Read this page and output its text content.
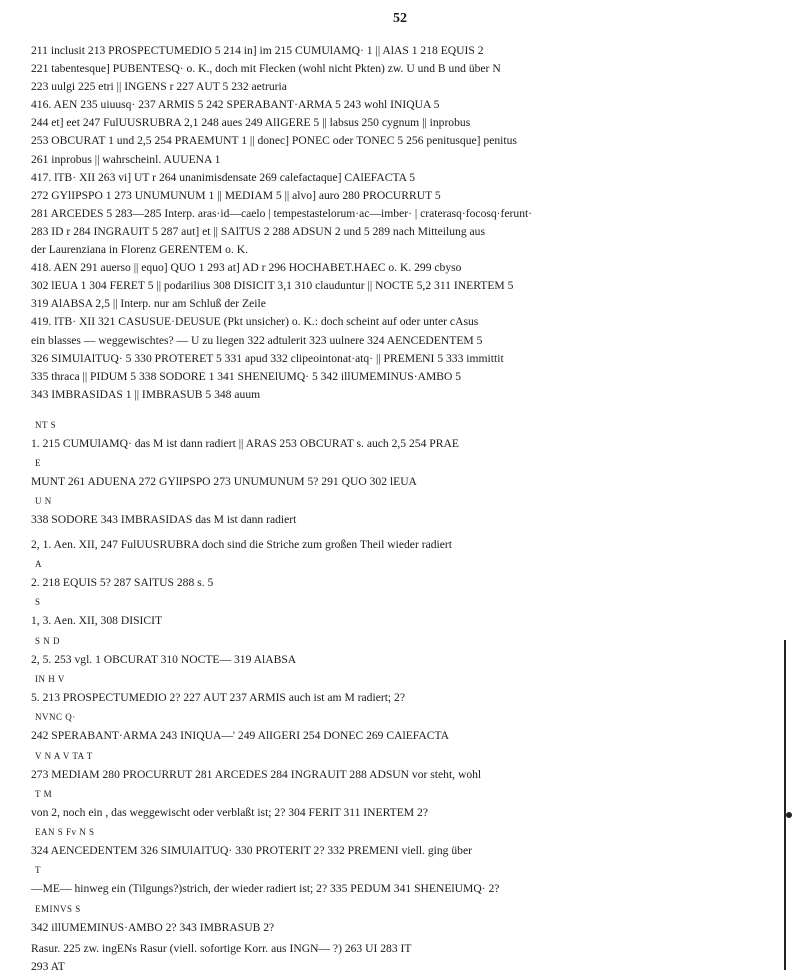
52
211 inclusit 213 PROSPECTUMEDIO 5 214 in] im 215 CUMUlAMQ· 1 || AlAS 1 218 EQUIS 2
221 tabentesque] PUBENTESQ· o. K., doch mit Flecken (wohl nicht Pkten) zw. U und B und über N
223 uulgi 225 etri || INGENS r 227 AUT 5 232 aetruria
416. AEN 235 uiuusq· 237 ARMIS 5 242 SPERABANT·ARMA 5 243 wohl INIQUA 5
244 et] eet 247 FulUUSRUBRA 2,1 248 aues 249 AlIGERE 5 || labsus 250 cygnum || inprobus
253 OBCURAT 1 und 2,5 254 PRAEMUNT 1 || donec] PONEC oder TONEC 5 256 penitusque] penitus
261 inprobus || wahrscheinl. AUUENA 1
417. lTB· XII 263 vi] UT r 264 unanimisdensate 269 calefactaque] CAlEFACTA 5
272 GYlIPSPO 1 273 UNUMUNUM 1 || MEDIAM 5 || alvo] auro 280 PROCURRUT 5
281 ARCEDES 5 283—285 Interp. aras·id—caelo | tempestastelorum·ac—imber· | craterasq·focosq·ferunt·
283 ID r 284 INGRAUIT 5 287 aut] et || SAlTUS 2 288 ADSUN 2 und 5 289 nach Mitteilung aus
der Laurenziana in Florenz GERENTEM o. K.
418. AEN 291 auerso || equo] QUO 1 293 at] AD r 296 HOCHABET.HAEC o. K. 299 cbyso
302 lEUA 1 304 FERET 5 || podarilius 308 DISICIT 3,1 310 clauduntur || NOCTE 5,2 311 INERTEM 5
319 AlABSA 2,5 || Interp. nur am Schluß der Zeile
419. lTB· XII 321 CASUSUE·DEUSUE (Pkt unsicher) o. K.: doch scheint auf oder unter cAsus
ein blasses — weggewischtes? — U zu liegen 322 adtulerit 323 uulnere 324 AENCEDENTEM 5
326 SIMUlAlTUQ· 5 330 PROTERET 5 331 apud 332 clipeointonat·atq· || PREMENI 5 333 immittit
335 thraca || PIDUM 5 338 SODORE 1 341 SHENElUMQ· 5 342 illUMEMINUS·AMBO 5
343 IMBRASIDAS 1 || IMBRASUB 5 348 auum
NT S
1. 215 CUMUlAMQ· das M ist dann radiert || ARAS 253 OBCURAT s. auch 2,5 254 PRAE
E
MUNT 261 ADUENA 272 GYlIPSPO 273 UNUMUNUM 5? 291 QUO 302 lEUA
U N
338 SODORE 343 IMBRASIDAS das M ist dann radiert
2, 1. Aen. XII, 247 FulUUSRUBRA doch sind die Striche zum großen Theil wieder radiert
A
2. 218 EQUIS 5? 287 SAlTUS 288 s. 5
S
1, 3. Aen. XII, 308 DISICIT
S N D
2, 5. 253 vgl. 1 OBCURAT 310 NOCTE— 319 AlABSA
IN H V
5. 213 PROSPECTUMEDIO 2? 227 AUT 237 ARMIS auch ist am M radiert; 2?
NVNC Q·
242 SPERABANT·ARMA 243 INIQUA—' 249 AlIGERI 254 DONEC 269 CAlEFACTA
V N A V TA T
273 MEDIAM 280 PROCURRUT 281 ARCEDES 284 INGRAUIT 288 ADSUN vor steht, wohl
T M
von 2, noch ein , das weggewischt oder verblaßt ist; 2? 304 FERIT 311 INERTEM 2?
EAN S Fv N S
324 AENCEDENTEM 326 SIMUlAlTUQ· 330 PROTERIT 2? 332 PREMENI viell. ging über
T
—ME— hinweg ein (Tilgungs?)strich, der wieder radiert ist; 2? 335 PEDUM 341 SHENElUMQ· 2?
EMINVS S
342 illUMEMINUS·AMBO 2? 343 IMBRASUB 2?
Rasur. 225 zw. ingENs Rasur (viell. sofortige Korr. aus INGN— ?) 263 UI 283 IT
293 AT
